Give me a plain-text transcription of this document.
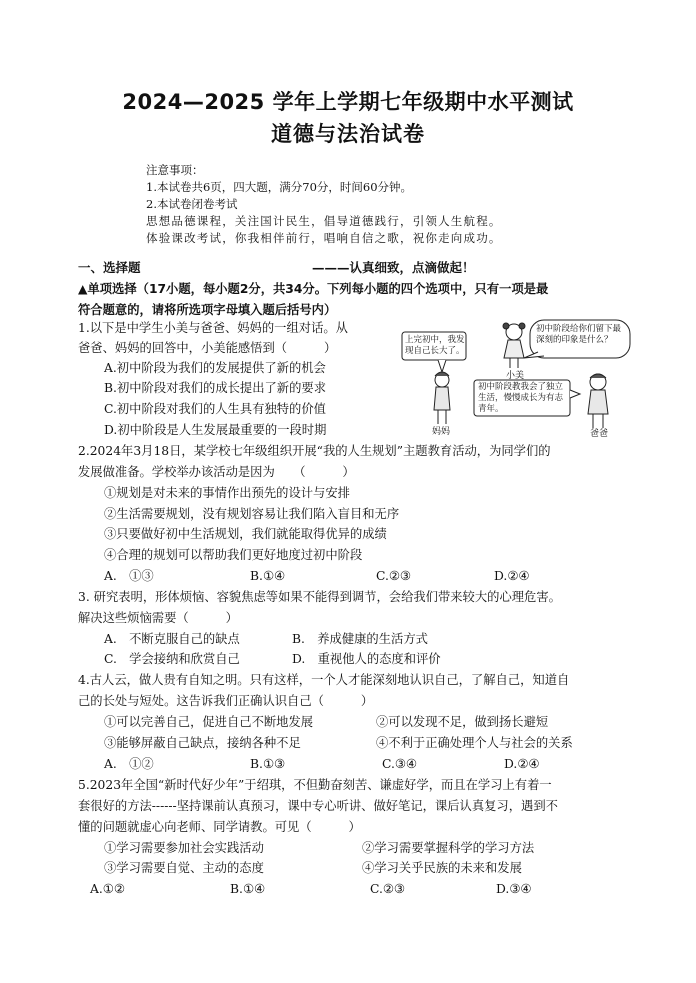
2024—2025 学年上学期七年级期中水平测试
道德与法治试卷
注意事项：
1.本试卷共6页，四大题，满分70分，时间60分钟。
2.本试卷闭卷考试
思想品德课程，关注国计民生，倡导道德践行，引领人生航程。
体验课改考试，你我相伴前行，唱响自信之歌，祝你走向成功。
一、选择题	———认真细致，点滴做起！
▲单项选择（17小题，每小题2分，共34分。下列每小题的四个选项中，只有一项是最
符合题意的，请将所选项字母填入题后括号内）
1.以下是中学生小美与爸爸、妈妈的一组对话。从
爸爸、妈妈的回答中，小美能感悟到（　　　）
A.初中阶段为我们的发展提供了新的机会
B.初中阶段对我们的成长提出了新的要求
C.初中阶段对我们的人生具有独特的价值
D.初中阶段是人生发展最重要的一段时期
上完初中，我发现自己长大了。
初中阶段给你们留下最深刻的印象是什么？
初中阶段教我会了独立生活，慢慢成长为有志青年。
小美
妈妈	爸爸
2.2024年3月18日，某学校七年级组织开展“我的人生规划”主题教育活动，为同学们的
发展做准备。学校举办该活动是因为　　（　　　）
①规划是对未来的事情作出预先的设计与安排
②生活需要规划，没有规划容易让我们陷入盲目和无序
③只要做好初中生活规划，我们就能取得优异的成绩
④合理的规划可以帮助我们更好地度过初中阶段
A.　①③	B.①④	C.②③	D.②④
3. 研究表明，形体烦恼、容貌焦虑等如果不能得到调节，会给我们带来较大的心理危害。
解决这些烦恼需要（　　　）
A.　不断克服自己的缺点	B.　养成健康的生活方式
C.　学会接纳和欣赏自己	D.　重视他人的态度和评价
4.古人云，做人贵有自知之明。只有这样，一个人才能深刻地认识自己，了解自己，知道自
己的长处与短处。这告诉我们正确认识自己（　　　）
①可以完善自己，促进自己不断地发展	②可以发现不足，做到扬长避短
③能够屏蔽自己缺点，接纳各种不足	④不利于正确处理个人与社会的关系
A.　①②	B.①③	C.③④	D.②④
5.2023年全国“新时代好少年”于绍琪，不但勤奋刻苦、谦虚好学，而且在学习上有着一
套很好的方法------坚持课前认真预习，课中专心听讲、做好笔记，课后认真复习，遇到不
懂的问题就虚心向老师、同学请教。可见（　　　）
①学习需要参加社会实践活动	②学习需要掌握科学的学习方法
③学习需要自觉、主动的态度	④学习关乎民族的未来和发展
A.①②	B.①④	C.②③	D.③④
